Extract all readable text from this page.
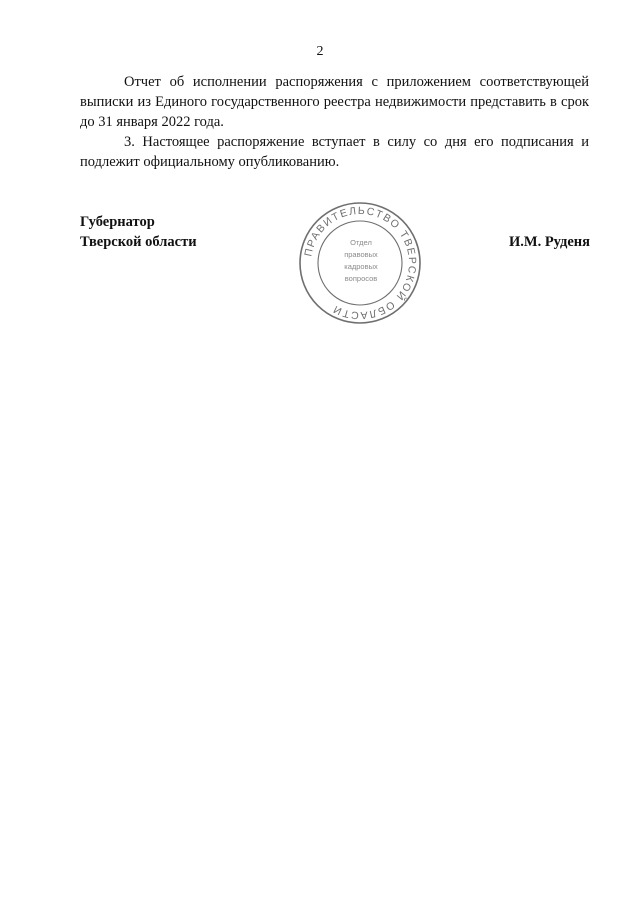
2

Отчет об исполнении распоряжения с приложением соответствующей выписки из Единого государственного реестра недвижимости представить в срок до 31 января 2022 года.

3. Настоящее распоряжение вступает в силу со дня его подписания и подлежит официальному опубликованию.

Губернатор
Тверской области
ПРАВИТЕЛЬСТВО ТВЕРСКОЙ ОБЛАСТИ
Отдел
правовых
кадровых
вопросов
И.М. Руденя
